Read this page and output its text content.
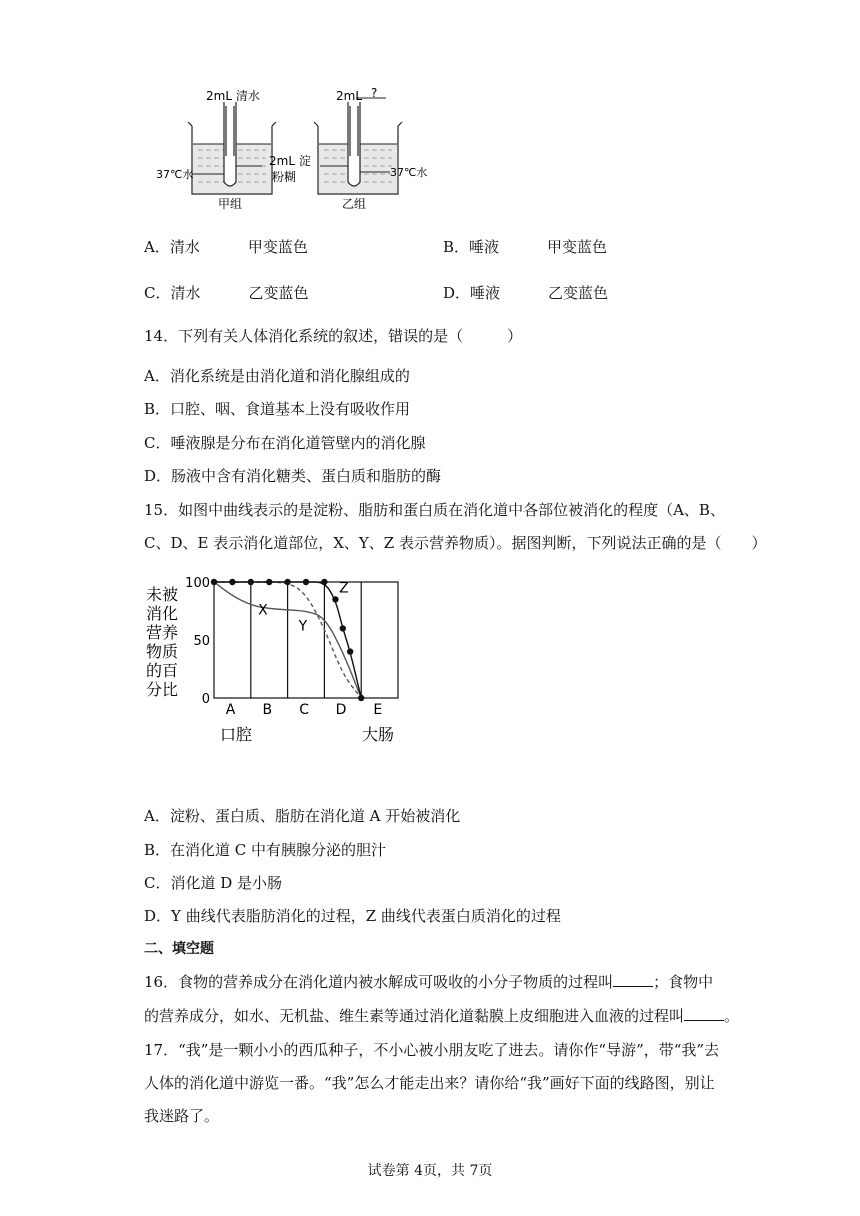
2mL 清水	2mL ?
2mL 淀
粉糊
37℃水	37℃水
甲组	乙组
A．清水	甲变蓝色	B．唾液	甲变蓝色
C．清水	乙变蓝色	D．唾液	乙变蓝色
14．下列有关人体消化系统的叙述，错误的是（	）
A．消化系统是由消化道和消化腺组成的
B．口腔、咽、食道基本上没有吸收作用
C．唾液腺是分布在消化道管壁内的消化腺
D．肠液中含有消化糖类、蛋白质和脂肪的酶
15．如图中曲线表示的是淀粉、脂肪和蛋白质在消化道中各部位被消化的程度（A、B、
C、D、E 表示消化道部位，X、Y、Z 表示营养物质）。据图判断，下列说法正确的是（ ）
未被
消化
营养
物质
的百
分比
100
50
0
X
Y
Z
A B C D E
口腔	大肠
A．淀粉、蛋白质、脂肪在消化道 A 开始被消化
B．在消化道 C 中有胰腺分泌的胆汁
C．消化道 D 是小肠
D．Y 曲线代表脂肪消化的过程，Z 曲线代表蛋白质消化的过程
二、填空题
16．食物的营养成分在消化道内被水解成可吸收的小分子物质的过程叫	；食物中
的营养成分，如水、无机盐、维生素等通过消化道黏膜上皮细胞进入血液的过程叫	。
17．“我”是一颗小小的西瓜种子，不小心被小朋友吃了进去。请你作“导游”，带“我”去
人体的消化道中游览一番。“我”怎么才能走出来？请你给“我”画好下面的线路图，别让
我迷路了。
试卷第 4页，共 7页
